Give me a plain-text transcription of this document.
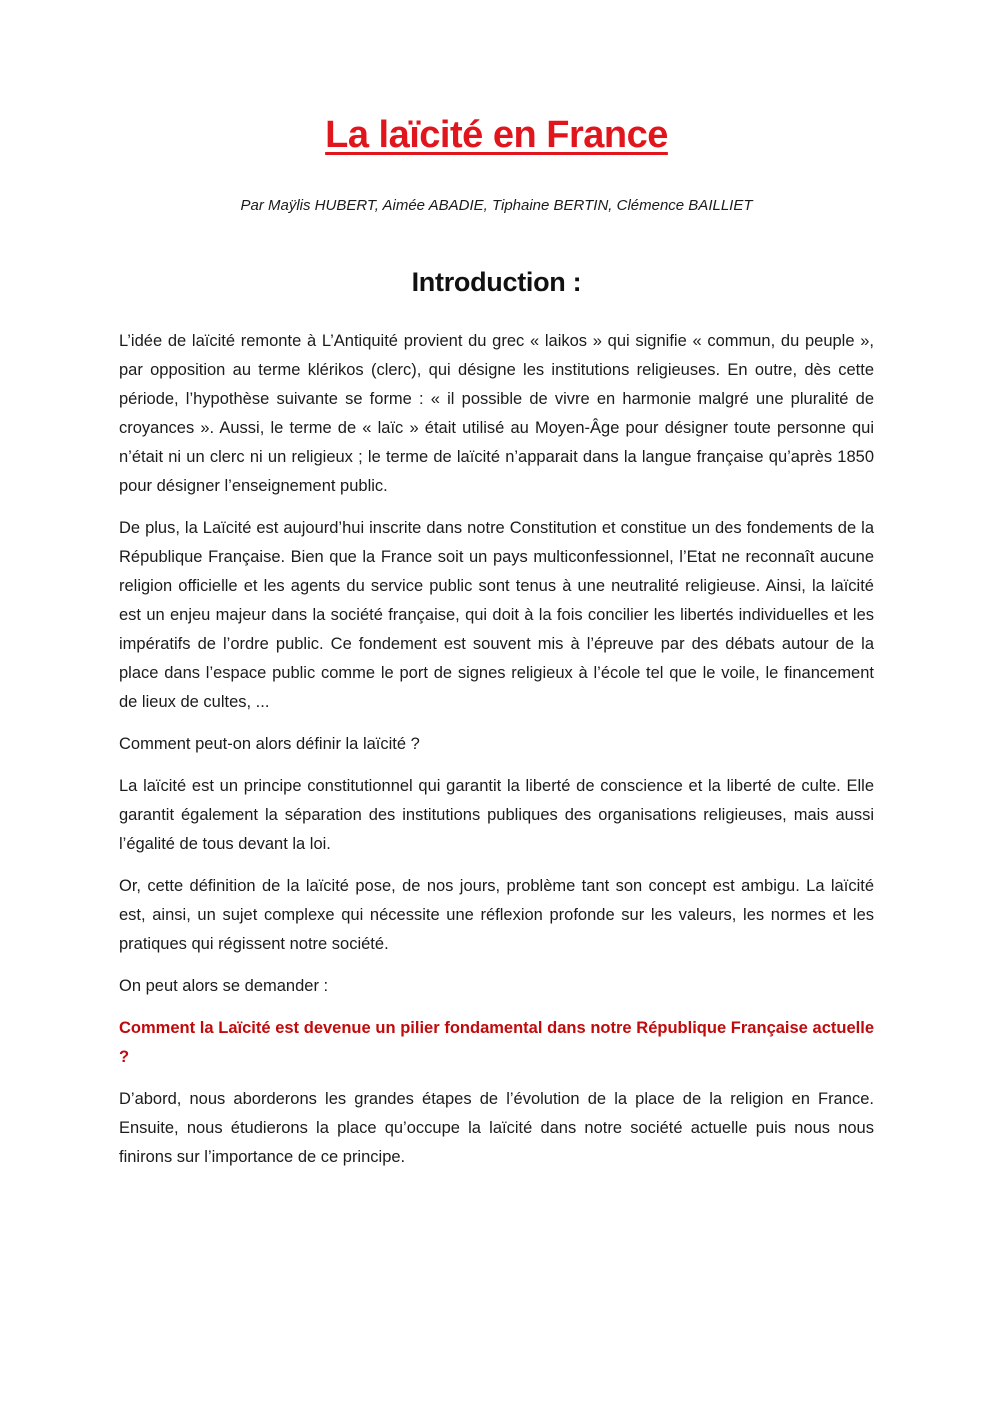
La laïcité en France

Par Maÿlis HUBERT, Aimée ABADIE, Tiphaine BERTIN, Clémence BAILLIET

Introduction :

L’idée de laïcité remonte à L’Antiquité provient du grec « laikos » qui signifie « commun, du peuple », par opposition au terme klérikos (clerc), qui désigne les institutions religieuses. En outre, dès cette période, l’hypothèse suivante se forme : « il possible de vivre en harmonie malgré une pluralité de croyances ». Aussi, le terme de « laïc » était utilisé au Moyen-Âge pour désigner toute personne qui n’était ni un clerc ni un religieux ; le terme de laïcité n’apparait dans la langue française qu’après 1850 pour désigner l’enseignement public.

De plus, la Laïcité est aujourd’hui inscrite dans notre Constitution et constitue un des fondements de la République Française. Bien que la France soit un pays multiconfessionnel, l’Etat ne reconnaît aucune religion officielle et les agents du service public sont tenus à une neutralité religieuse. Ainsi, la laïcité est un enjeu majeur dans la société française, qui doit à la fois concilier les libertés individuelles et les impératifs de l’ordre public. Ce fondement est souvent mis à l’épreuve par des débats autour de la place dans l’espace public comme le port de signes religieux à l’école tel que le voile, le financement de lieux de cultes, ...

Comment peut-on alors définir la laïcité ?

La laïcité est un principe constitutionnel qui garantit la liberté de conscience et la liberté de culte. Elle garantit également la séparation des institutions publiques des organisations religieuses, mais aussi l’égalité de tous devant la loi.

Or, cette définition de la laïcité pose, de nos jours, problème tant son concept est ambigu. La laïcité est, ainsi, un sujet complexe qui nécessite une réflexion profonde sur les valeurs, les normes et les pratiques qui régissent notre société.

On peut alors se demander :

Comment la Laïcité est devenue un pilier fondamental dans notre République Française actuelle ?

D’abord, nous aborderons les grandes étapes de l’évolution de la place de la religion en France. Ensuite, nous étudierons la place qu’occupe la laïcité dans notre société actuelle puis nous nous finirons sur l’importance de ce principe.
